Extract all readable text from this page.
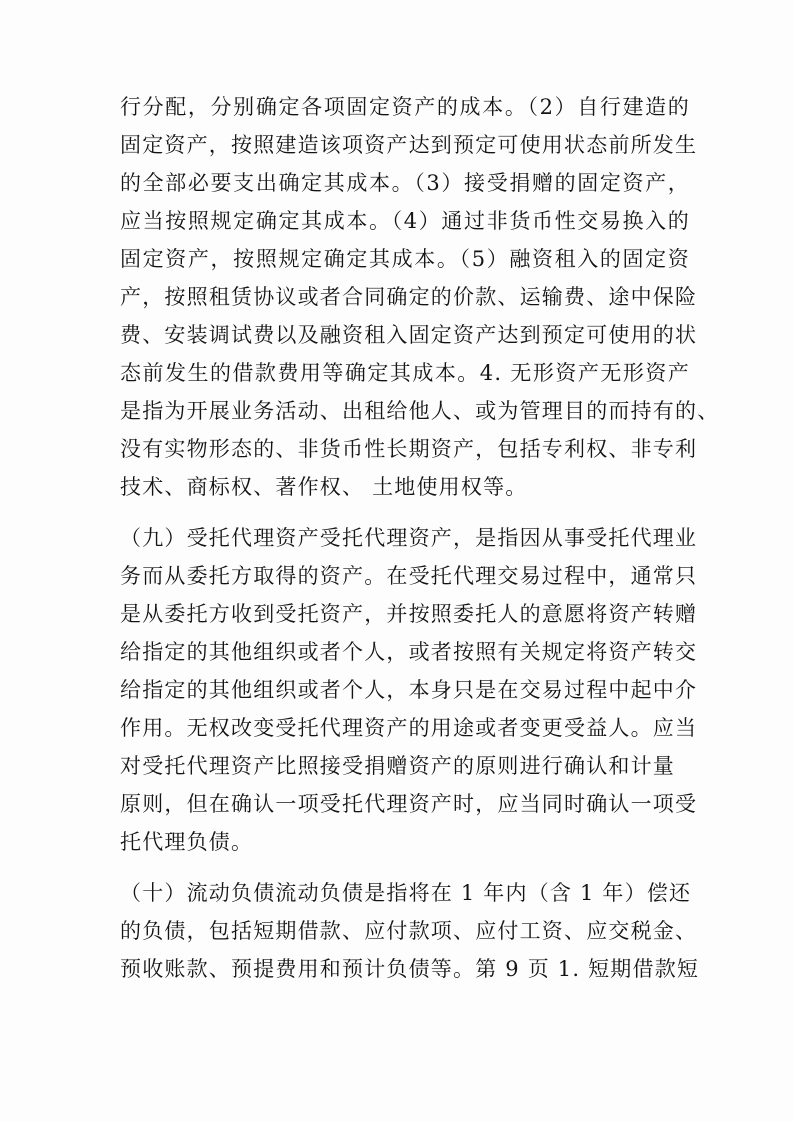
行分配，分别确定各项固定资产的成本。（2）自行建造的
固定资产，按照建造该项资产达到预定可使用状态前所发生
的全部必要支出确定其成本。（3）接受捐赠的固定资产，
应当按照规定确定其成本。（4）通过非货币性交易换入的
固定资产，按照规定确定其成本。（5）融资租入的固定资
产，按照租赁协议或者合同确定的价款、运输费、途中保险
费、安装调试费以及融资租入固定资产达到预定可使用的状
态前发生的借款费用等确定其成本。4. 无形资产无形资产
是指为开展业务活动、出租给他人、或为管理目的而持有的、
没有实物形态的、非货币性长期资产，包括专利权、非专利
技术、商标权、著作权、 土地使用权等。
（九）受托代理资产受托代理资产，是指因从事受托代理业
务而从委托方取得的资产。在受托代理交易过程中，通常只
是从委托方收到受托资产，并按照委托人的意愿将资产转赠
给指定的其他组织或者个人，或者按照有关规定将资产转交
给指定的其他组织或者个人，本身只是在交易过程中起中介
作用。无权改变受托代理资产的用途或者变更受益人。应当
对受托代理资产比照接受捐赠资产的原则进行确认和计量
原则，但在确认一项受托代理资产时，应当同时确认一项受
托代理负债。
（十）流动负债流动负债是指将在 1 年内（含 1 年）偿还
的负债，包括短期借款、应付款项、应付工资、应交税金、
预收账款、预提费用和预计负债等。第 9 页 1. 短期借款短
